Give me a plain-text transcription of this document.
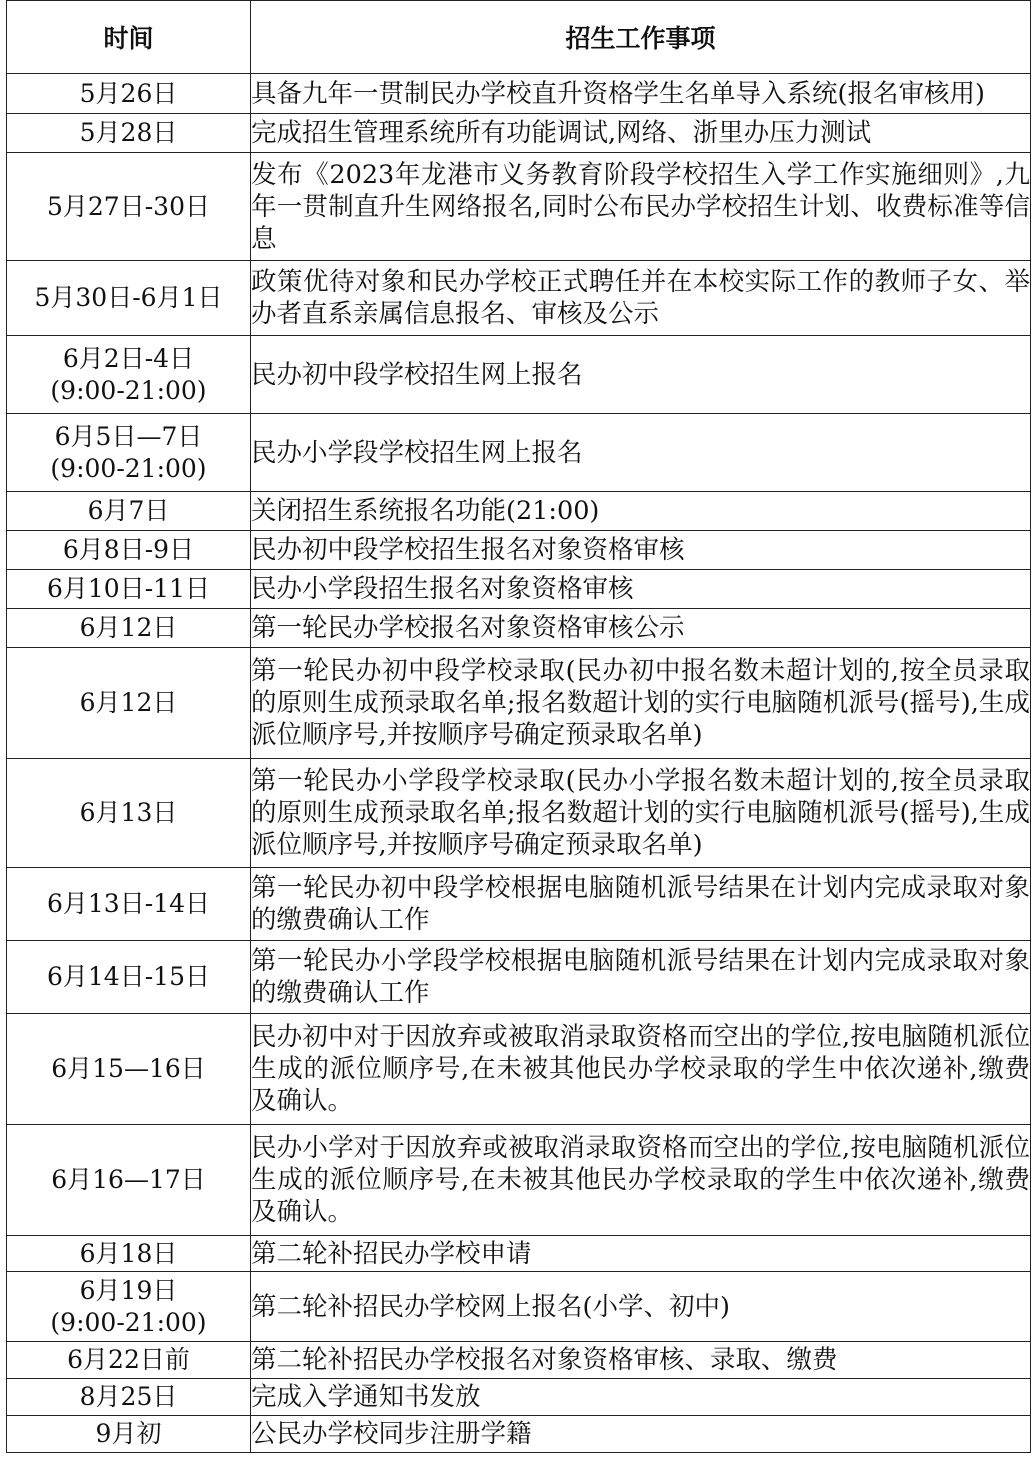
时间	招生工作事项

5月26日	具备九年一贯制民办学校直升资格学生名单导入系统(报名审核用)

5月28日	完成招生管理系统所有功能调试,网络、浙里办压力测试

5月27日-30日	发布《2023年龙港市义务教育阶段学校招生入学工作实施细则》,九年一贯制直升生网络报名,同时公布民办学校招生计划、收费标准等信息

5月30日-6月1日	政策优待对象和民办学校正式聘任并在本校实际工作的教师子女、举办者直系亲属信息报名、审核及公示

6月2日-4日
(9:00-21:00)	民办初中段学校招生网上报名

6月5日—7日
(9:00-21:00)	民办小学段学校招生网上报名

6月7日	关闭招生系统报名功能(21:00)

6月8日-9日	民办初中段学校招生报名对象资格审核

6月10日-11日	民办小学段招生报名对象资格审核

6月12日	第一轮民办学校报名对象资格审核公示

6月12日	第一轮民办初中段学校录取(民办初中报名数未超计划的,按全员录取的原则生成预录取名单;报名数超计划的实行电脑随机派号(摇号),生成派位顺序号,并按顺序号确定预录取名单)

6月13日	第一轮民办小学段学校录取(民办小学报名数未超计划的,按全员录取的原则生成预录取名单;报名数超计划的实行电脑随机派号(摇号),生成派位顺序号,并按顺序号确定预录取名单)

6月13日-14日	第一轮民办初中段学校根据电脑随机派号结果在计划内完成录取对象的缴费确认工作

6月14日-15日	第一轮民办小学段学校根据电脑随机派号结果在计划内完成录取对象的缴费确认工作

6月15—16日	民办初中对于因放弃或被取消录取资格而空出的学位,按电脑随机派位生成的派位顺序号,在未被其他民办学校录取的学生中依次递补,缴费及确认。

6月16—17日	民办小学对于因放弃或被取消录取资格而空出的学位,按电脑随机派位生成的派位顺序号,在未被其他民办学校录取的学生中依次递补,缴费及确认。

6月18日	第二轮补招民办学校申请

6月19日
(9:00-21:00)	第二轮补招民办学校网上报名(小学、初中)

6月22日前	第二轮补招民办学校报名对象资格审核、录取、缴费

8月25日	完成入学通知书发放

9月初	公民办学校同步注册学籍
